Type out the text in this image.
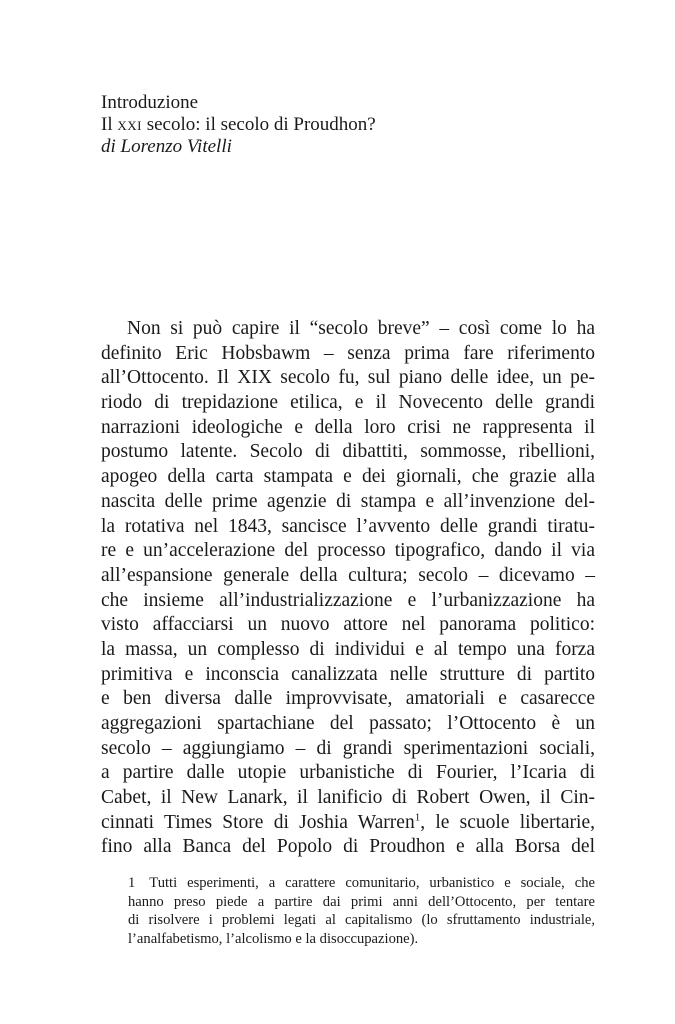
Introduzione
Il xxi secolo: il secolo di Proudhon?
di Lorenzo Vitelli
Non si può capire il “secolo breve” – così come lo ha
definito Eric Hobsbawm – senza prima fare riferimento
all’Ottocento. Il XIX secolo fu, sul piano delle idee, un pe-
riodo di trepidazione etilica, e il Novecento delle grandi
narrazioni ideologiche e della loro crisi ne rappresenta il
postumo latente. Secolo di dibattiti, sommosse, ribellioni,
apogeo della carta stampata e dei giornali, che grazie alla
nascita delle prime agenzie di stampa e all’invenzione del-
la rotativa nel 1843, sancisce l’avvento delle grandi tiratu-
re e un’accelerazione del processo tipografico, dando il via
all’espansione generale della cultura; secolo – dicevamo –
che insieme all’industrializzazione e l’urbanizzazione ha
visto affacciarsi un nuovo attore nel panorama politico:
la massa, un complesso di individui e al tempo una forza
primitiva e inconscia canalizzata nelle strutture di partito
e ben diversa dalle improvvisate, amatoriali e casarecce
aggregazioni spartachiane del passato; l’Ottocento è un
secolo – aggiungiamo – di grandi sperimentazioni sociali,
a partire dalle utopie urbanistiche di Fourier, l’Icaria di
Cabet, il New Lanark, il lanificio di Robert Owen, il Cin-
cinnati Times Store di Joshia Warren$^1$, le scuole libertarie,
fino alla Banca del Popolo di Proudhon e alla Borsa del
1 Tutti esperimenti, a carattere comunitario, urbanistico e sociale, che
hanno preso piede a partire dai primi anni dell’Ottocento, per tentare
di risolvere i problemi legati al capitalismo (lo sfruttamento industriale,
l’analfabetismo, l’alcolismo e la disoccupazione).
